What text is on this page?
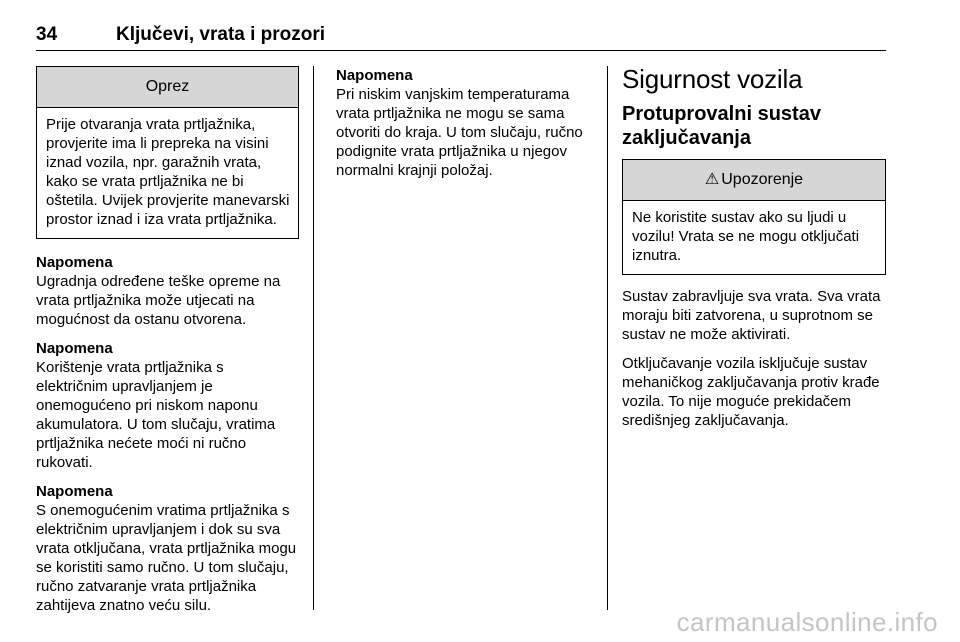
34	Ključevi, vrata i prozori
Oprez
Prije otvaranja vrata prtljažnika, provjerite ima li prepreka na visini iznad vozila, npr. garažnih vrata, kako se vrata prtljažnika ne bi oštetila. Uvijek provjerite manevarski prostor iznad i iza vrata prtljažnika.
Napomena

Ugradnja određene teške opreme na vrata prtljažnika može utjecati na mogućnost da ostanu otvorena.

Napomena

Korištenje vrata prtljažnika s električnim upravljanjem je onemogućeno pri niskom naponu akumulatora. U tom slučaju, vratima prtljažnika nećete moći ni ručno rukovati.

Napomena

S onemogućenim vratima prtljažnika s električnim upravljanjem i dok su sva vrata otključana, vrata prtljažnika mogu se koristiti samo ručno. U tom slučaju, ručno zatvaranje vrata prtljažnika zahtijeva znatno veću silu.

Napomena

Pri niskim vanjskim temperaturama vrata prtljažnika ne mogu se sama otvoriti do kraja. U tom slučaju, ručno podignite vrata prtljažnika u njegov normalni krajnji položaj.

Sigurnost vozila
Protuprovalni sustav zaključavanja
⚠ Upozorenje
Ne koristite sustav ako su ljudi u vozilu! Vrata se ne mogu otključati iznutra.

Sustav zabravljuje sva vrata. Sva vrata moraju biti zatvorena, u suprotnom se sustav ne može aktivirati.

Otključavanje vozila isključuje sustav mehaničkog zaključavanja protiv krađe vozila. To nije moguće prekidačem središnjeg zaključavanja.

carmanualsonline.info
